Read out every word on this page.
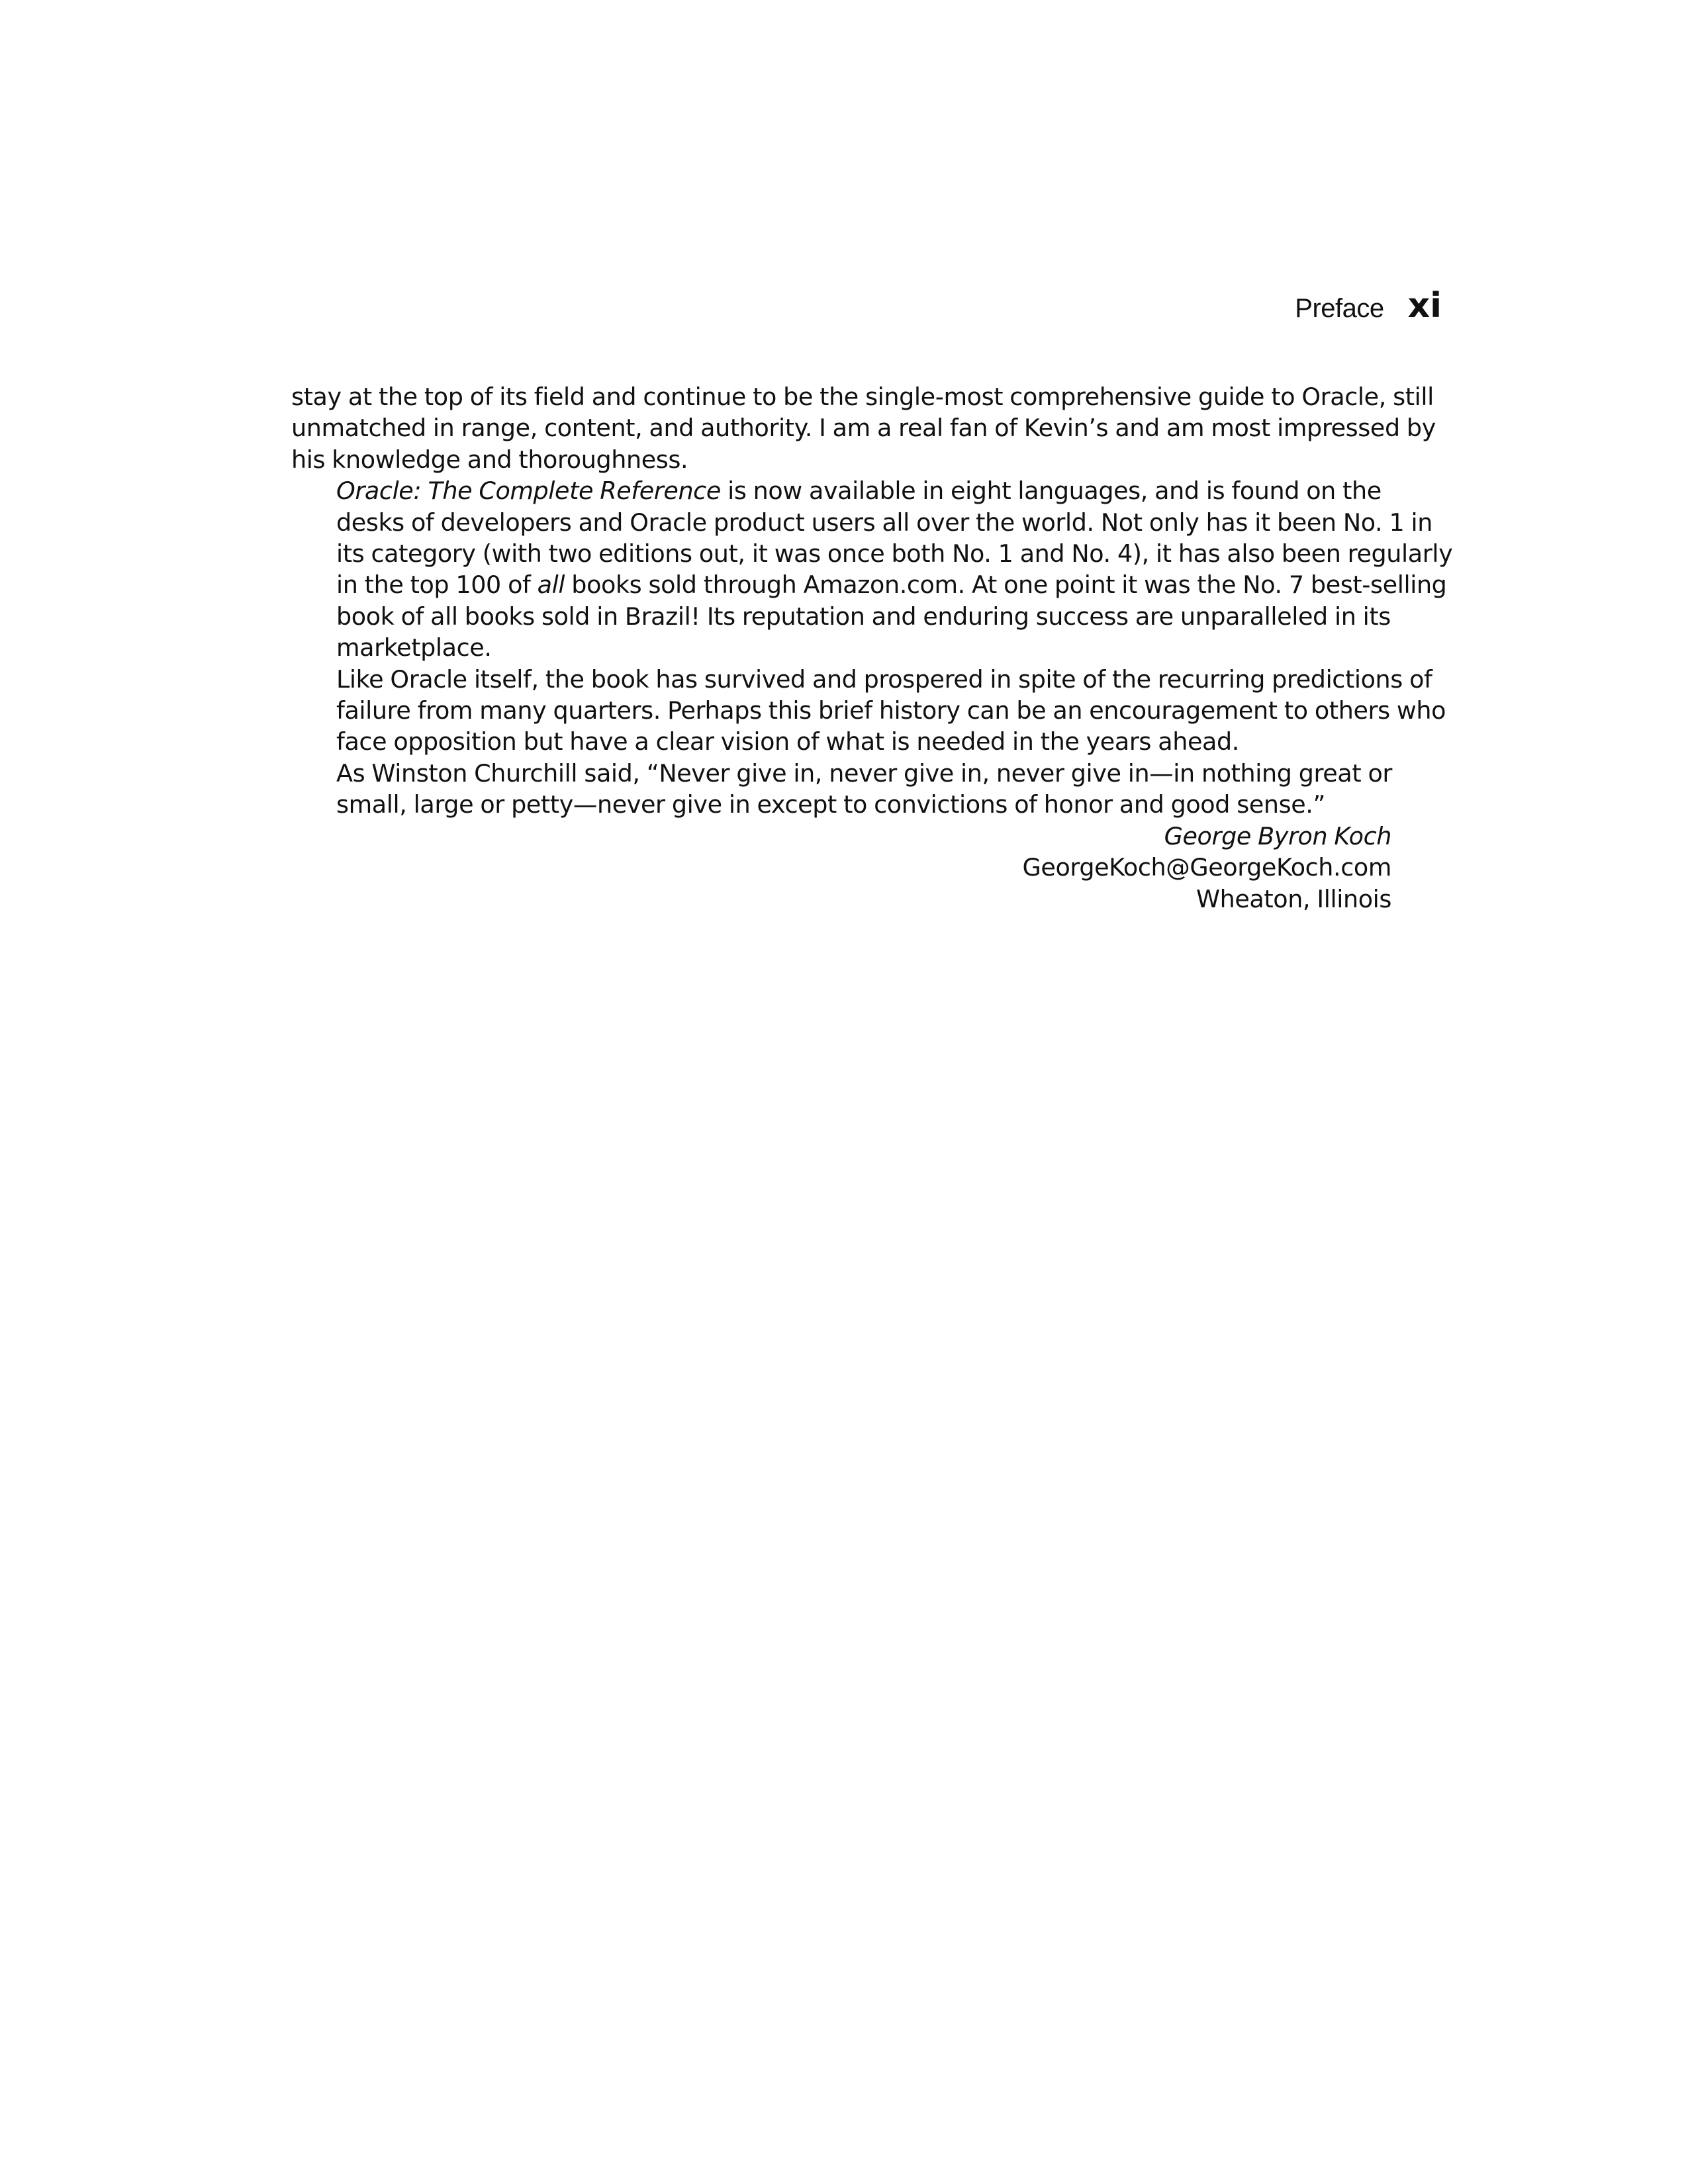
Preface xi

stay at the top of its field and continue to be the single-most comprehensive guide to Oracle, still
unmatched in range, content, and authority. I am a real fan of Kevin’s and am most impressed by
his knowledge and thoroughness.

Oracle: The Complete Reference is now available in eight languages, and is found on the
desks of developers and Oracle product users all over the world. Not only has it been No. 1 in
its category (with two editions out, it was once both No. 1 and No. 4), it has also been regularly
in the top 100 of all books sold through Amazon.com. At one point it was the No. 7 best-selling
book of all books sold in Brazil! Its reputation and enduring success are unparalleled in its
marketplace.

Like Oracle itself, the book has survived and prospered in spite of the recurring predictions of
failure from many quarters. Perhaps this brief history can be an encouragement to others who
face opposition but have a clear vision of what is needed in the years ahead.

As Winston Churchill said, “Never give in, never give in, never give in—in nothing great or
small, large or petty—never give in except to convictions of honor and good sense.”

George Byron Koch
GeorgeKoch@GeorgeKoch.com
Wheaton, Illinois
